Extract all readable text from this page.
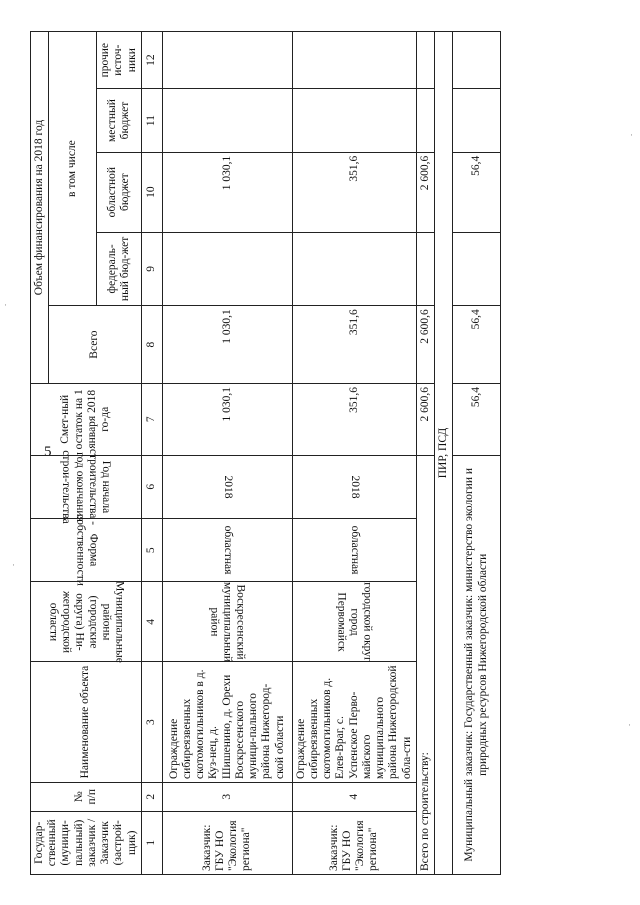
5
·
·
·
·
Государ-ственный (муници-пальный) заказчик /Заказчик (застрой-щик)	№ п/п	Наименование объекта	Муниципальные районы (городские округа) Ни-жегородской области	Форма собственности	Год начала строительства - год окончания строи-тельства	Смет-ный остаток на 1 января 2018 го-да	Объем финансирования на 2018 год				
							Всего	в том числе			
								федераль-ный бюд-жет	областной бюджет	местный бюджет	прочие источ-ники
1	2	3	4	5	6	7	8	9	10	11	12
Заказчик: ГБУ НО "Экология региона"	3	Ограждение сибиреязвенных скотомогильников в д. Куз-нец, д. Шишенино, д. Орехи Воскресенского муници-пального района Нижегород-ской области	Воскресенский муниципальный район	областная	2018	1 030,1	1 030,1		1 030,1		
Заказчик: ГБУ НО "Экология региона"	4	Ограждение сибиреязвенных скотомогильников д. Елев-Враг, с. Успенское Перво-майского муниципального района Нижегородской обла-сти	городской округ город Первомайск	областная	2018	351,6	351,6		351,6		
Всего по строительству:						2 600,6	2 600,6		2 600,6		
ПИР, ПСД											
Муниципальный заказчик: Государственный заказчик: министерство экологии и природных ресурсов Нижегородской области						56,4	56,4		56,4		
